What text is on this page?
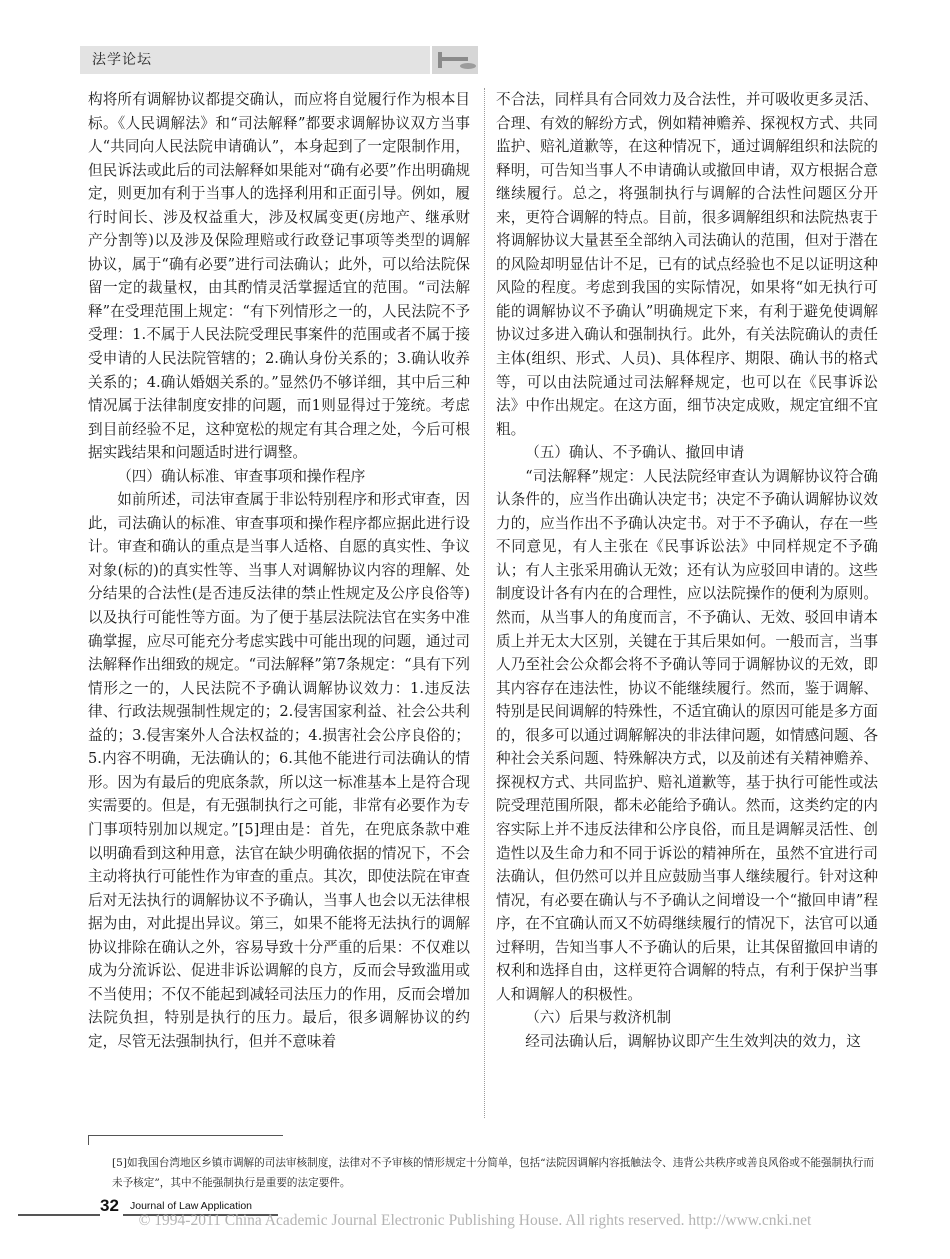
法学论坛

构将所有调解协议都提交确认，而应将自觉履行作为根本目标。《人民调解法》和“司法解释”都要求调解协议双方当事人“共同向人民法院申请确认”，本身起到了一定限制作用，但民诉法或此后的司法解释如果能对“确有必要”作出明确规定，则更加有利于当事人的选择利用和正面引导。例如，履行时间长、涉及权益重大，涉及权属变更(房地产、继承财产分割等)以及涉及保险理赔或行政登记事项等类型的调解协议，属于“确有必要”进行司法确认；此外，可以给法院保留一定的裁量权，由其酌情灵活掌握适宜的范围。“司法解释”在受理范围上规定：“有下列情形之一的，人民法院不予受理：1.不属于人民法院受理民事案件的范围或者不属于接受申请的人民法院管辖的；2.确认身份关系的；3.确认收养关系的；4.确认婚姻关系的。”显然仍不够详细，其中后三种情况属于法律制度安排的问题，而1则显得过于笼统。考虑到目前经验不足，这种宽松的规定有其合理之处，今后可根据实践结果和问题适时进行调整。

（四）确认标准、审查事项和操作程序

如前所述，司法审查属于非讼特别程序和形式审查，因此，司法确认的标准、审查事项和操作程序都应据此进行设计。审查和确认的重点是当事人适格、自愿的真实性、争议对象(标的)的真实性等、当事人对调解协议内容的理解、处分结果的合法性(是否违反法律的禁止性规定及公序良俗等)以及执行可能性等方面。为了便于基层法院法官在实务中准确掌握，应尽可能充分考虑实践中可能出现的问题，通过司法解释作出细致的规定。“司法解释”第7条规定：“具有下列情形之一的，人民法院不予确认调解协议效力：1.违反法律、行政法规强制性规定的；2.侵害国家利益、社会公共利益的；3.侵害案外人合法权益的；4.损害社会公序良俗的；5.内容不明确，无法确认的；6.其他不能进行司法确认的情形。因为有最后的兜底条款，所以这一标准基本上是符合现实需要的。但是，有无强制执行之可能，非常有必要作为专门事项特别加以规定。”[5]理由是：首先，在兜底条款中难以明确看到这种用意，法官在缺少明确依据的情况下，不会主动将执行可能性作为审查的重点。其次，即使法院在审查后对无法执行的调解协议不予确认，当事人也会以无法律根据为由，对此提出异议。第三，如果不能将无法执行的调解协议排除在确认之外，容易导致十分严重的后果：不仅难以成为分流诉讼、促进非诉讼调解的良方，反而会导致滥用或不当使用；不仅不能起到减轻司法压力的作用，反而会增加法院负担，特别是执行的压力。最后，很多调解协议的约定，尽管无法强制执行，但并不意味着

不合法，同样具有合同效力及合法性，并可吸收更多灵活、合理、有效的解纷方式，例如精神赡养、探视权方式、共同监护、赔礼道歉等，在这种情况下，通过调解组织和法院的释明，可告知当事人不申请确认或撤回申请，双方根据合意继续履行。总之，将强制执行与调解的合法性问题区分开来，更符合调解的特点。目前，很多调解组织和法院热衷于将调解协议大量甚至全部纳入司法确认的范围，但对于潜在的风险却明显估计不足，已有的试点经验也不足以证明这种风险的程度。考虑到我国的实际情况，如果将“如无执行可能的调解协议不予确认”明确规定下来，有利于避免使调解协议过多进入确认和强制执行。此外，有关法院确认的责任主体(组织、形式、人员)、具体程序、期限、确认书的格式等，可以由法院通过司法解释规定，也可以在《民事诉讼法》中作出规定。在这方面，细节决定成败，规定宜细不宜粗。

（五）确认、不予确认、撤回申请

“司法解释”规定：人民法院经审查认为调解协议符合确认条件的，应当作出确认决定书；决定不予确认调解协议效力的，应当作出不予确认决定书。对于不予确认，存在一些不同意见，有人主张在《民事诉讼法》中同样规定不予确认；有人主张采用确认无效；还有认为应驳回申请的。这些制度设计各有内在的合理性，应以法院操作的便利为原则。然而，从当事人的角度而言，不予确认、无效、驳回申请本质上并无太大区别，关键在于其后果如何。一般而言，当事人乃至社会公众都会将不予确认等同于调解协议的无效，即其内容存在违法性，协议不能继续履行。然而，鉴于调解、特别是民间调解的特殊性，不适宜确认的原因可能是多方面的，很多可以通过调解解决的非法律问题，如情感问题、各种社会关系问题、特殊解决方式，以及前述有关精神赡养、探视权方式、共同监护、赔礼道歉等，基于执行可能性或法院受理范围所限，都未必能给予确认。然而，这类约定的内容实际上并不违反法律和公序良俗，而且是调解灵活性、创造性以及生命力和不同于诉讼的精神所在，虽然不宜进行司法确认，但仍然可以并且应鼓励当事人继续履行。针对这种情况，有必要在确认与不予确认之间增设一个“撤回申请”程序，在不宜确认而又不妨碍继续履行的情况下，法官可以通过释明，告知当事人不予确认的后果，让其保留撤回申请的权利和选择自由，这样更符合调解的特点，有利于保护当事人和调解人的积极性。

（六）后果与救济机制

经司法确认后，调解协议即产生生效判决的效力，这

[5]如我国台湾地区乡镇市调解的司法审核制度，法律对不予审核的情形规定十分简单，包括“法院因调解内容抵触法令、违背公共秩序或善良风俗或不能强制执行而未予核定”，其中不能强制执行是重要的法定要件。
32	Journal of Law Application
© 1994-2011 China Academic Journal Electronic Publishing House. All rights reserved. http://www.cnki.net
